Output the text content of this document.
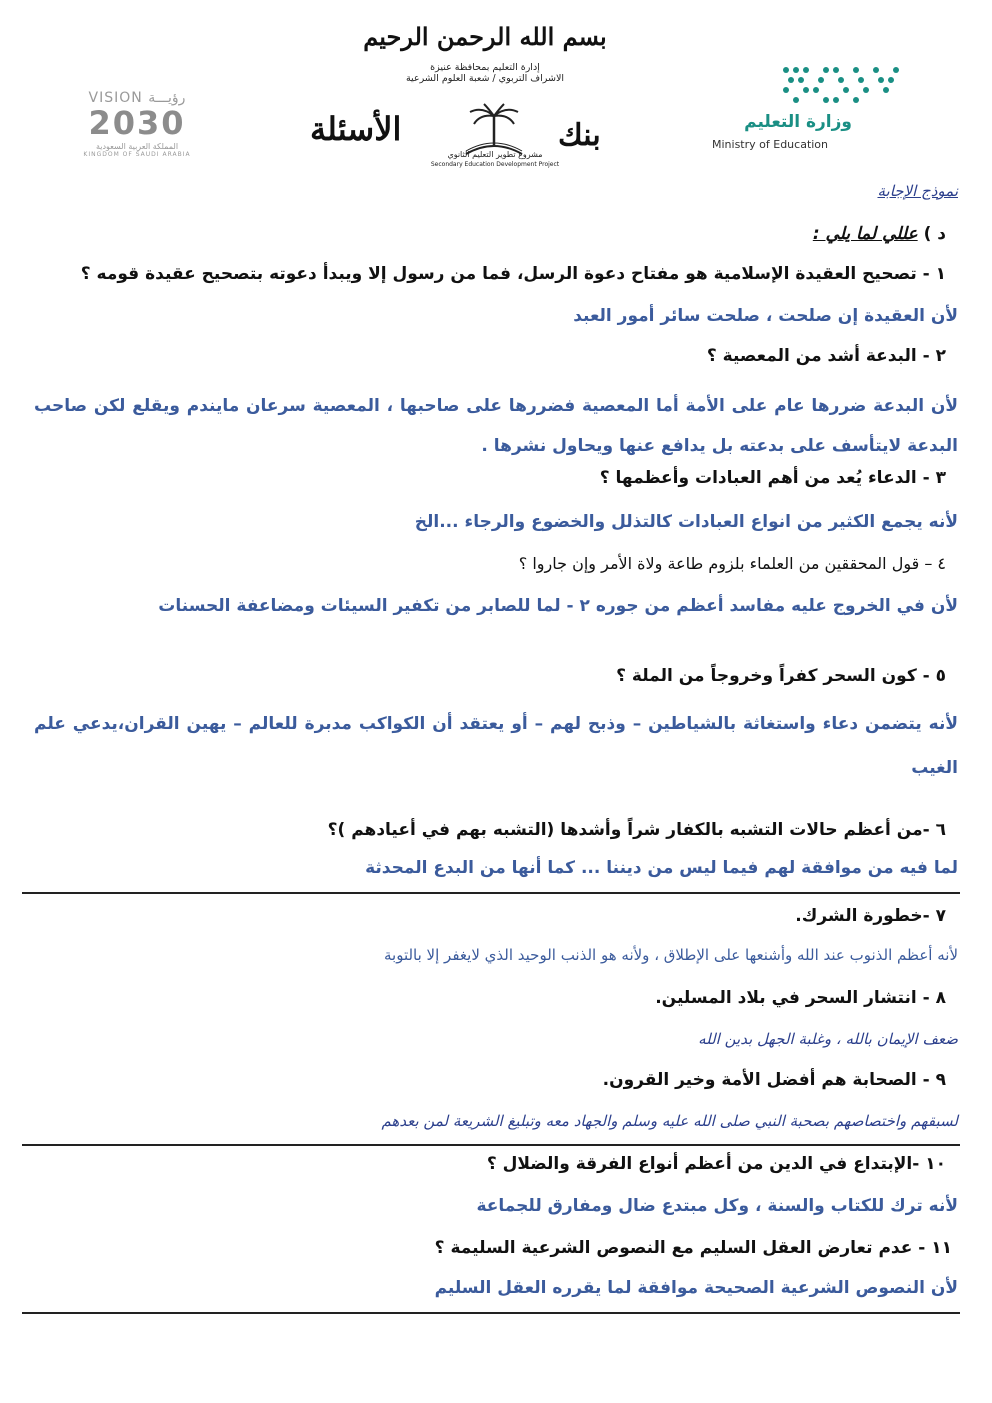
بسم الله الرحمن الرحيم
إدارة التعليم بمحافظة عنيزة
الاشراف التربوي / شعبة العلوم الشرعية
VISION رؤيـــة
2030
المملكة العربية السعودية
KINGDOM OF SAUDI ARABIA
الأسئلة	بنك
مشروع تطوير التعليم الثانوي
Secondary Education Development Project
وزارة التعليم
Ministry of Education
نموذج الإجابة
د ) عللي لما يلي :
١ - تصحيح العقيدة الإسلامية هو مفتاح دعوة الرسل، فما من رسول إلا ويبدأ دعوته بتصحيح عقيدة قومه ؟
لأن العقيدة إن صلحت ، صلحت سائر أمور العبد
٢ - البدعة أشد من المعصية ؟
لأن البدعة ضررها عام على الأمة أما المعصية فضررها على صاحبها ، المعصية سرعان مايندم ويقلع لكن صاحب البدعة لايتأسف على بدعته بل يدافع عنها ويحاول نشرها .
٣ - الدعاء يُعد من أهم العبادات وأعظمها ؟
لأنه يجمع الكثير من انواع العبادات كالتذلل والخضوع والرجاء ...الخ
٤ – قول المحققين من العلماء بلزوم طاعة ولاة الأمر وإن جاروا ؟
لأن في الخروج عليه مفاسد أعظم من جوره ٢ - لما للصابر من تكفير السيئات ومضاعفة الحسنات
٥ - كون السحر كفراً وخروجاً من الملة ؟
لأنه يتضمن دعاء واستغاثة بالشياطين – وذبح لهم – أو يعتقد أن الكواكب مدبرة للعالم – يهين القران،يدعي علم الغيب
٦ -من أعظم حالات التشبه بالكفار شراً وأشدها (التشبه بهم في أعيادهم )؟
لما فيه من موافقة لهم فيما ليس من ديننا ... كما أنها من البدع المحدثة
٧ -خطورة الشرك.
لأنه أعظم الذنوب عند الله وأشنعها على الإطلاق ، ولأنه هو الذنب الوحيد الذي لايغفر إلا بالتوبة
٨ - انتشار السحر في بلاد المسلين.
ضعف الإيمان بالله ، وغلبة الجهل بدين الله
٩ - الصحابة هم أفضل الأمة وخير القرون.
لسبقهم واختصاصهم بصحبة النبي صلى الله عليه وسلم والجهاد معه وتبليغ الشريعة لمن بعدهم
١٠ -الإبتداع في الدين من أعظم أنواع الفرقة والضلال ؟
لأنه ترك للكتاب والسنة ، وكل مبتدع ضال ومفارق للجماعة
١١ - عدم تعارض العقل السليم مع النصوص الشرعية السليمة ؟
لأن النصوص الشرعية الصحيحة موافقة لما يقرره العقل السليم
